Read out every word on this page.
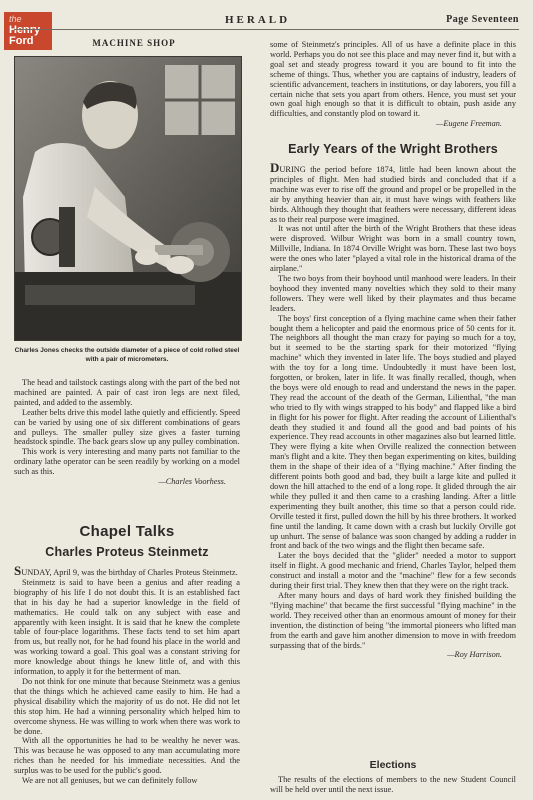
the
Henry Ford
HERALD	Page Seventeen
MACHINE SHOP
Charles Jones checks the outside diameter of a piece of cold rolled steel with a pair of micrometers.

The head and tailstock castings along with the part of the bed not machined are painted. A pair of cast iron legs are next filed, painted, and added to the assembly.

Leather belts drive this model lathe quietly and efficiently. Speed can be varied by using one of six different combinations of gears and pulleys. The smaller pulley size gives a faster turning headstock spindle. The back gears slow up any pulley combination.

This work is very interesting and many parts not familiar to the ordinary lathe operator can be seen readily by working on a model such as this.

—Charles Voorhess.
Chapel Talks
Charles Proteus Steinmetz

SUNDAY, April 9, was the birthday of Charles Proteus Steinmetz.

Steinmetz is said to have been a genius and after reading a biography of his life I do not doubt this. It is an established fact that in his day he had a superior knowledge in the field of mathematics. He could talk on any subject with ease and apparently with keen insight. It is said that he knew the complete table of four-place logarithms. These facts tend to set him apart from us, but really not, for he had found his place in the world and was working toward a goal. This goal was a constant striving for more knowledge about things he knew little of, and with this information, to apply it for the betterment of man.

Do not think for one minute that because Steinmetz was a genius that the things which he achieved came easily to him. He had a physical disability which the majority of us do not. He did not let this stop him. He had a winning personality which helped him to overcome shyness. He was willing to work when there was work to be done.

With all the opportunities he had to be wealthy he never was. This was because he was opposed to any man accumulating more riches than he needed for his immediate necessities. And the surplus was to be used for the public's good.

We are not all geniuses, but we can definitely follow

some of Steinmetz's principles. All of us have a definite place in this world. Perhaps you do not see this place and may never find it, but with a goal set and steady progress toward it you are bound to fit into the scheme of things. Thus, whether you are captains of industry, leaders of scientific advancement, teachers in institutions, or day laborers, you fill a certain niche that sets you apart from others. Hence, you must set your own goal high enough so that it is difficult to obtain, push aside any difficulties, and constantly plod on toward it.

—Eugene Freeman.
Early Years of the Wright Brothers

DURING the period before 1874, little had been known about the principles of flight. Men had studied birds and concluded that if a machine was ever to rise off the ground and propel or be propelled in the air by anything heavier than air, it must have wings with feathers like birds. Although they thought that feathers were necessary, different ideas as to their real purpose were imagined.

It was not until after the birth of the Wright Brothers that these ideas were disproved. Wilbur Wright was born in a small country town, Millville, Indiana. In 1874 Orville Wright was born. These last two boys were the ones who later "played a vital role in the historical drama of the airplane."

The two boys from their boyhood until manhood were leaders. In their boyhood they invented many novelties which they sold to their many followers. They were well liked by their playmates and thus became leaders.

The boys' first conception of a flying machine came when their father bought them a helicopter and paid the enormous price of 50 cents for it. The neighbors all thought the man crazy for paying so much for a toy, but it seemed to be the starting spark for their motorized "flying machine" which they invented in later life. The boys studied and played with the toy for a long time. Undoubtedly it must have been lost, forgotten, or broken, later in life. It was finally recalled, though, when the boys were old enough to read and understand the news in the paper. They read the account of the death of the German, Lilienthal, "the man who tried to fly with wings strapped to his body" and flapped like a bird in flight for his power for flight. After reading the account of Lilienthal's death they studied it and found all the good and bad points of his experience. They read accounts in other magazines also but learned little. They were flying a kite when Orville realized the connection between man's flight and a kite. They then began experimenting on kites, building them in the shape of their idea of a "flying machine." After finding the different points both good and bad, they built a large kite and pulled it down the hill attached to the end of a long rope. It glided through the air while they pulled it and then came to a crashing landing. After a little experimenting they built another, this time so that a person could ride. Orville tested it first, pulled down the hill by his three brothers. It worked fine until the landing. It came down with a crash but luckily Orville got up unhurt. The sense of balance was soon changed by adding a rudder in front and back of the two wings and the flight then became safe.

Later the boys decided that the "glider" needed a motor to support itself in flight. A good mechanic and friend, Charles Taylor, helped them construct and install a motor and the "machine" flew for a few seconds during their first trial. They knew then that they were on the right track.

After many hours and days of hard work they finished building the "flying machine" that became the first successful "flying machine" in the world. They received other than an enormous amount of money for their invention, the distinction of being "the immortal pioneers who lifted man from the earth and gave him another dimension to move in with freedom surpassing that of the birds."

—Roy Harrison.
Elections

The results of the elections of members to the new Student Council will be held over until the next issue.
